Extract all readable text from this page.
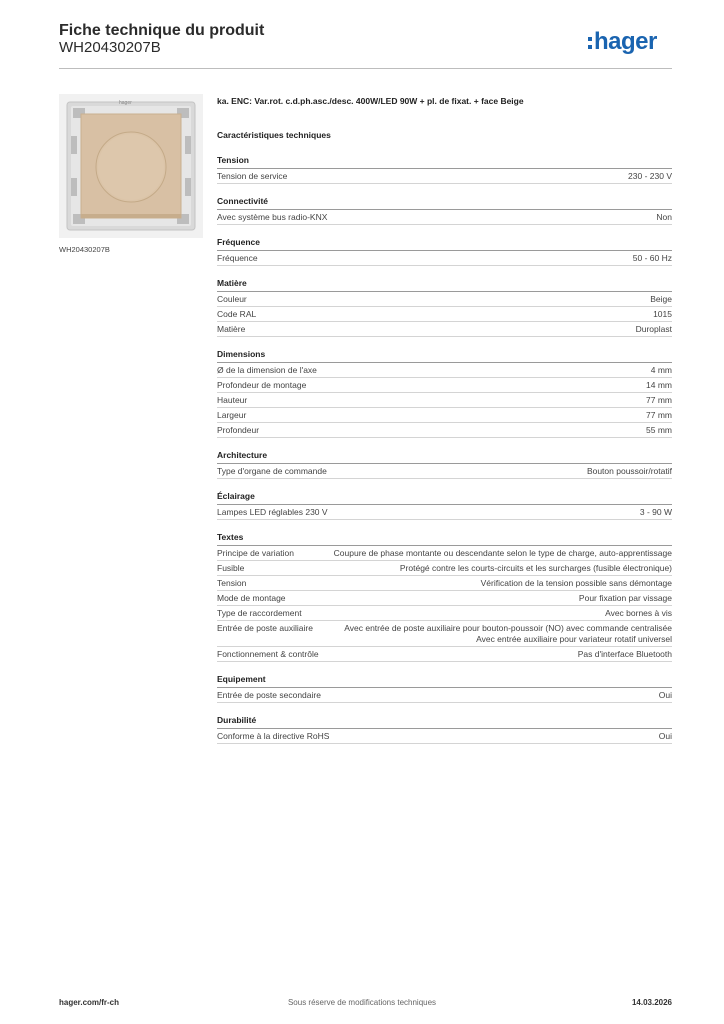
Fiche technique du produit
WH20430207B	hager
hager
WH20430207B
ka. ENC: Var.rot. c.d.ph.asc./desc. 400W/LED 90W + pl. de fixat. + face Beige
Caractéristiques techniques
Tension
Tension de service	230 - 230 V
Connectivité
Avec système bus radio-KNX	Non
Fréquence
Fréquence	50 - 60 Hz
Matière
Couleur	Beige
Code RAL	1015
Matière	Duroplast
Dimensions
Ø de la dimension de l'axe	4 mm
Profondeur de montage	14 mm
Hauteur	77 mm
Largeur	77 mm
Profondeur	55 mm
Architecture
Type d'organe de commande	Bouton poussoir/rotatif
Éclairage
Lampes LED réglables 230 V	3 - 90 W
Textes
Principe de variation	Coupure de phase montante ou descendante selon le type de charge, auto-apprentissage
Fusible	Protégé contre les courts-circuits et les surcharges (fusible électronique)
Tension	Vérification de la tension possible sans démontage
Mode de montage	Pour fixation par vissage
Type de raccordement	Avec bornes à vis
Entrée de poste auxiliaire	Avec entrée de poste auxiliaire pour bouton-poussoir (NO) avec commande centralisée
Avec entrée auxiliaire pour variateur rotatif universel
Fonctionnement & contrôle	Pas d'interface Bluetooth
Equipement
Entrée de poste secondaire	Oui
Durabilité
Conforme à la directive RoHS	Oui
hager.com/fr-ch	Sous réserve de modifications techniques	14.03.2026
